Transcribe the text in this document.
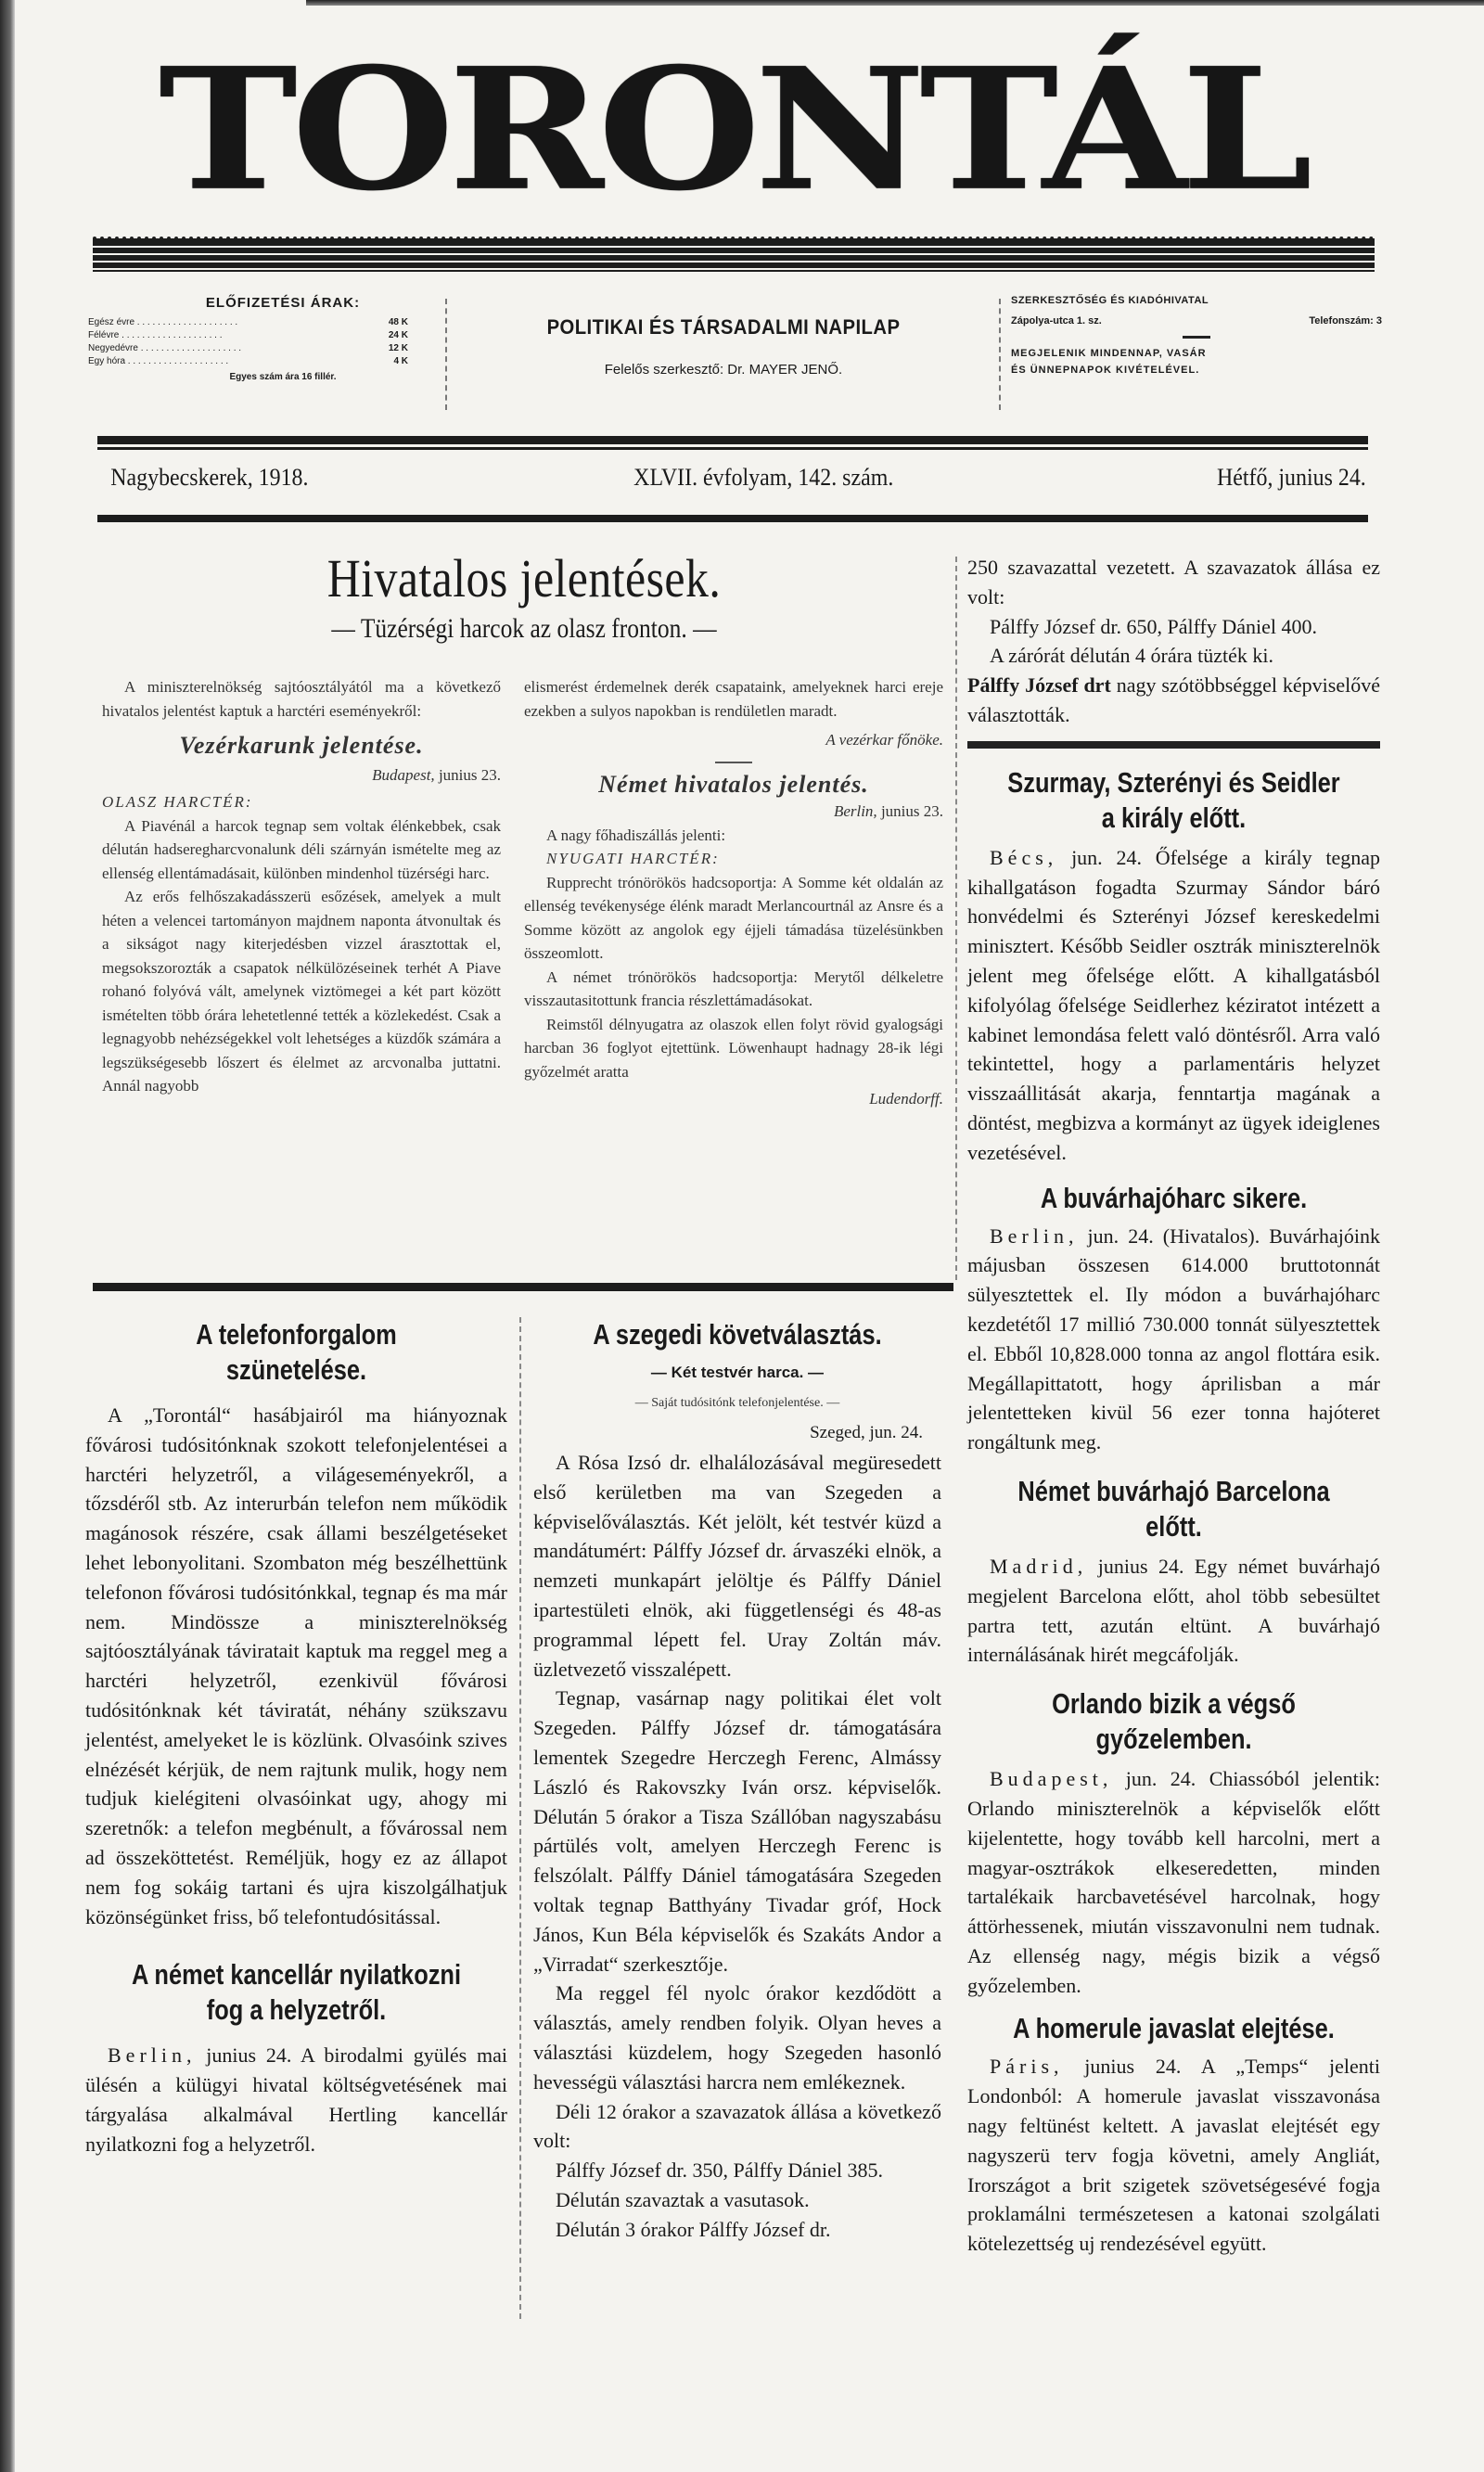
TORONTÁL
ELŐFIZETÉSI ÁRAK:
Egész évre . . .	48 K
Félévre . . .	24 K
Negyedévre . . .	12 K
Egy hóra . . .	4 K
Egyes szám ára 16 fillér.
POLITIKAI ÉS TÁRSADALMI NAPILAP
Felelős szerkesztő: Dr. MAYER JENŐ.
SZERKESZTŐSÉG ÉS KIADÓHIVATAL
Zápolya-utca 1. sz.	Telefonszám: 3
MEGJELENIK MINDENNAP, VASÁR
ÉS ÜNNEPNAPOK KIVÉTELÉVEL.
Nagybecskerek, 1918.	XLVII. évfolyam, 142. szám.	Hétfő, junius 24.
Hivatalos jelentések.
— Tüzérségi harcok az olasz fronton. —

A miniszterelnökség sajtóosztályától ma a következő hivatalos jelentést kaptuk a harctéri eseményekről:

Vezérkarunk jelentése.
Budapest, junius 23.

OLASZ HARCTÉR:

A Piavénál a harcok tegnap sem voltak élénkebbek, csak délután hadseregharcvonalunk déli szárnyán ismételte meg az ellenség ellentámadásait, különben mindenhol tüzérségi harc.

Az erős felhőszakadásszerü esőzések, amelyek a mult héten a velencei tartományon majdnem naponta átvonultak és a sikságot nagy kiterjedésben vizzel árasztottak el, megsokszorozták a csapatok nélkülözéseinek terhét A Piave rohanó folyóvá vált, amelynek viztömegei a két part között ismételten több órára lehetetlenné tették a közlekedést. Csak a legnagyobb nehézségekkel volt lehetséges a küzdők számára a legszükségesebb lőszert és élelmet az arcvonalba juttatni. Annál nagyobb

elismerést érdemelnek derék csapataink, amelyeknek harci ereje ezekben a sulyos napokban is rendületlen maradt.

A vezérkar főnöke.
Német hivatalos jelentés.
Berlin, junius 23.

A nagy főhadiszállás jelenti:

NYUGATI HARCTÉR:

Rupprecht trónörökös hadcsoportja: A Somme két oldalán az ellenség tevékenysége élénk maradt Merlancourtnál az Ansre és a Somme között az angolok egy éjjeli támadása tüzelésünkben összeomlott.

A német trónörökös hadcsoportja: Merytől délkeletre visszautasitottunk francia részlettámadásokat.

Reimstől délnyugatra az olaszok ellen folyt rövid gyalogsági harcban 36 foglyot ejtettünk. Löwenhaupt hadnagy 28-ik légi győzelmét aratta

Ludendorff.
A telefonforgalom szünetelése.

A „Torontál“ hasábjairól ma hiányoznak fővárosi tudósitónknak szokott telefonjelentései a harctéri helyzetről, a világeseményekről, a tőzsdéről stb. Az interurbán telefon nem működik magánosok részére, csak állami beszélgetéseket lehet lebonyolitani. Szombaton még beszélhettünk telefonon fővárosi tudósitónkkal, tegnap és ma már nem. Mindössze a miniszterelnökség sajtóosztályának táviratait kaptuk ma reggel meg a harctéri helyzetről, ezenkivül fővárosi tudósitónknak két táviratát, néhány szükszavu jelentést, amelyeket le is közlünk. Olvasóink szives elnézését kérjük, de nem rajtunk mulik, hogy nem tudjuk kielégiteni olvasóinkat ugy, ahogy mi szeretnők: a telefon megbénult, a fővárossal nem ad összeköttetést. Reméljük, hogy ez az állapot nem fog sokáig tartani és ujra kiszolgálhatjuk közönségünket friss, bő telefontudósitással.

A német kancellár nyilatkozni fog a helyzetről.

Berlin, junius 24. A birodalmi gyülés mai ülésén a külügyi hivatal költségvetésének mai tárgyalása alkalmával Hertling kancellár nyilatkozni fog a helyzetről.

A szegedi követválasztás.
— Két testvér harca. —
— Saját tudósitónk telefonjelentése. —
Szeged, jun. 24.

A Rósa Izsó dr. elhalálozásával megüresedett első kerületben ma van Szegeden a képviselőválasztás. Két jelölt, két testvér küzd a mandátumért: Pálffy József dr. árvaszéki elnök, a nemzeti munkapárt jelöltje és Pálffy Dániel ipartestületi elnök, aki függetlenségi és 48-as programmal lépett fel. Uray Zoltán máv. üzletvezető visszalépett.

Tegnap, vasárnap nagy politikai élet volt Szegeden. Pálffy József dr. támogatására lementek Szegedre Herczegh Ferenc, Almássy László és Rakovszky Iván orsz. képviselők. Délután 5 órakor a Tisza Szállóban nagyszabásu pártülés volt, amelyen Herczegh Ferenc is felszólalt. Pálffy Dániel támogatására Szegeden voltak tegnap Batthyány Tivadar gróf, Hock János, Kun Béla képviselők és Szakáts Andor a „Virradat“ szerkesztője.

Ma reggel fél nyolc órakor kezdődött a választás, amely rendben folyik. Olyan heves a választási küzdelem, hogy Szegeden hasonló hevességü választási harcra nem emlékeznek.

Déli 12 órakor a szavazatok állása a következő volt:

Pálffy József dr. 350, Pálffy Dániel 385.

Délután szavaztak a vasutasok.

Délután 3 órakor Pálffy József dr.

250 szavazattal vezetett. A szavazatok állása ez volt:

Pálffy József dr. 650, Pálffy Dániel 400.

A zárórát délután 4 órára tüzték ki.

Pálffy József drt nagy szótöbbséggel képviselővé választották.

Szurmay, Szterényi és Seidler a király előtt.

Bécs, jun. 24. Őfelsége a király tegnap kihallgatáson fogadta Szurmay Sándor báró honvédelmi és Szterényi József kereskedelmi minisztert. Később Seidler osztrák miniszterelnök jelent meg őfelsége előtt. A kihallgatásból kifolyólag őfelsége Seidlerhez kéziratot intézett a kabinet lemondása felett való döntésről. Arra való tekintettel, hogy a parlamentáris helyzet visszaállitását akarja, fenntartja magának a döntést, megbizva a kormányt az ügyek ideiglenes vezetésével.

A buvárhajóharc sikere.

Berlin, jun. 24. (Hivatalos). Buvárhajóink májusban összesen 614.000 bruttotonnát sülyesztettek el. Ily módon a buvárhajóharc kezdetétől 17 millió 730.000 tonnát sülyesztettek el. Ebből 10,828.000 tonna az angol flottára esik. Megállapittatott, hogy áprilisban a már jelentetteken kivül 56 ezer tonna hajóteret rongáltunk meg.

Német buvárhajó Barcelona előtt.

Madrid, junius 24. Egy német buvárhajó megjelent Barcelona előtt, ahol több sebesültet partra tett, azután eltünt. A buvárhajó internálásának hirét megcáfolják.

Orlando bizik a végső győzelemben.

Budapest, jun. 24. Chiassóból jelentik: Orlando miniszterelnök a képviselők előtt kijelentette, hogy tovább kell harcolni, mert a magyar-osztrákok elkeseredetten, minden tartalékaik harcbavetésével harcolnak, hogy áttörhessenek, miután visszavonulni nem tudnak. Az ellenség nagy, mégis bizik a végső győzelemben.

A homerule javaslat elejtése.

Páris, junius 24. A „Temps“ jelenti Londonból: A homerule javaslat visszavonása nagy feltünést keltett. A javaslat elejtését egy nagyszerü terv fogja követni, amely Angliát, Irországot a brit szigetek szövetségesévé fogja proklamálni természetesen a katonai szolgálati kötelezettség uj rendezésével együtt.
